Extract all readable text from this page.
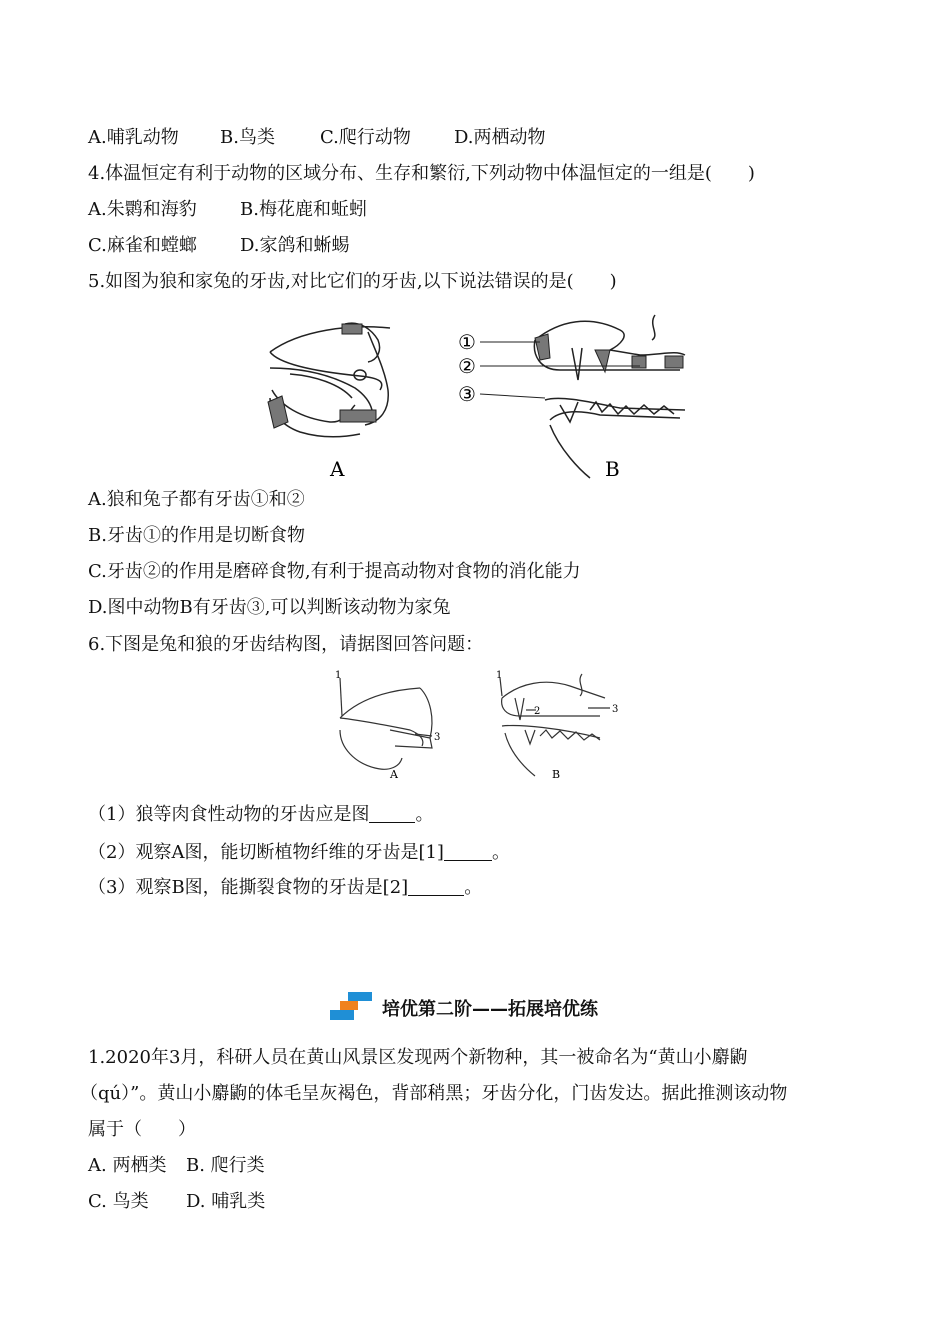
A.哺乳动物 B.鸟类	C.爬行动物 D.两栖动物
4.体温恒定有利于动物的区域分布、生存和繁衍,下列动物中体温恒定的一组是(　　)
A.朱鹮和海豹 B.梅花鹿和蚯蚓
C.麻雀和螳螂 D.家鸽和蜥蜴
5.如图为狼和家兔的牙齿,对比它们的牙齿,以下说法错误的是(　　)
A
①
②
③
B
A.狼和兔子都有牙齿①和②
B.牙齿①的作用是切断食物
C.牙齿②的作用是磨碎食物,有利于提高动物对食物的消化能力
D.图中动物B有牙齿③,可以判断该动物为家兔
6.下图是兔和狼的牙齿结构图，请据图回答问题：
1
3
A
1
2	3
B
（1）狼等肉食性动物的牙齿应是图	。
（2）观察A图，能切断植物纤维的牙齿是[1]	。
（3）观察B图，能撕裂食物的牙齿是[2]	。
培优第二阶——拓展培优练
1.2020年3月，科研人员在黄山风景区发现两个新物种，其一被命名为“黄山小麝鼩
（qú）”。黄山小麝鼩的体毛呈灰褐色，背部稍黑；牙齿分化，门齿发达。据此推测该动物
属于（　　）
A. 两栖类 B. 爬行类
C. 鸟类 D. 哺乳类
